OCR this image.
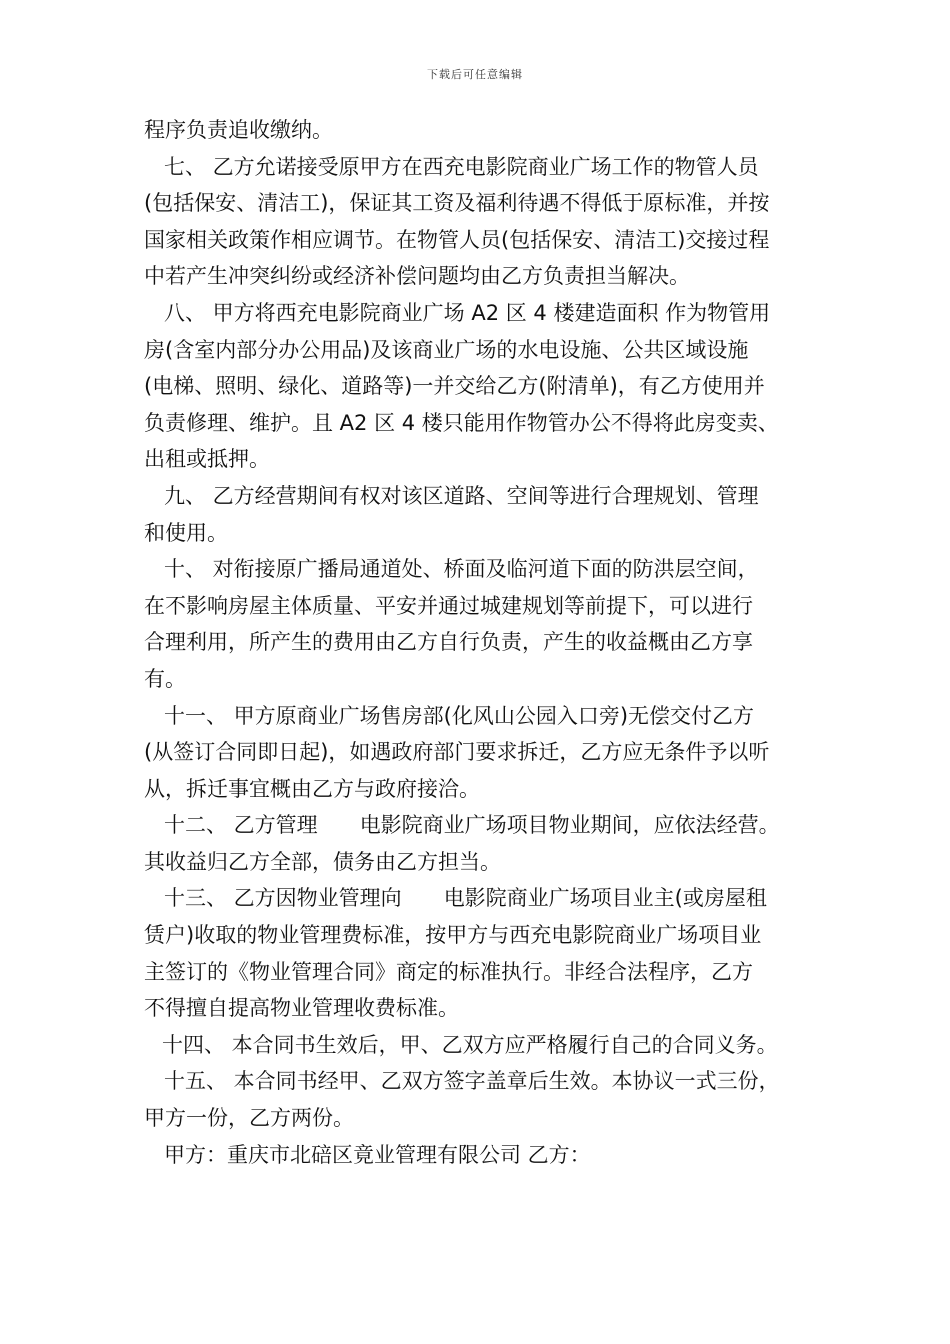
下载后可任意编辑
程序负责追收缴纳。
七、 乙方允诺接受原甲方在西充电影院商业广场工作的物管人员
(包括保安、清洁工)，保证其工资及福利待遇不得低于原标准，并按
国家相关政策作相应调节。在物管人员(包括保安、清洁工)交接过程
中若产生冲突纠纷或经济补偿问题均由乙方负责担当解决。
八、 甲方将西充电影院商业广场 A2 区 4 楼建造面积 作为物管用
房(含室内部分办公用品)及该商业广场的水电设施、公共区域设施
(电梯、照明、绿化、道路等)一并交给乙方(附清单)，有乙方使用并
负责修理、维护。且 A2 区 4 楼只能用作物管办公不得将此房变卖、
出租或抵押。
九、 乙方经营期间有权对该区道路、空间等进行合理规划、管理
和使用。
十、 对衔接原广播局通道处、桥面及临河道下面的防洪层空间，
在不影响房屋主体质量、平安并通过城建规划等前提下，可以进行
合理利用，所产生的费用由乙方自行负责，产生的收益概由乙方享
有。
十一、 甲方原商业广场售房部(化风山公园入口旁)无偿交付乙方
(从签订合同即日起)，如遇政府部门要求拆迁，乙方应无条件予以听
从，拆迁事宜概由乙方与政府接洽。
十二、 乙方管理 电影院商业广场项目物业期间，应依法经营。
其收益归乙方全部，债务由乙方担当。
十三、 乙方因物业管理向 电影院商业广场项目业主(或房屋租
赁户)收取的物业管理费标准，按甲方与西充电影院商业广场项目业
主签订的《物业管理合同》商定的标准执行。非经合法程序，乙方
不得擅自提高物业管理收费标准。
十四、 本合同书生效后，甲、乙双方应严格履行自己的合同义务。
十五、 本合同书经甲、乙双方签字盖章后生效。本协议一式三份，
甲方一份，乙方两份。
甲方：重庆市北碚区竟业管理有限公司 乙方：
